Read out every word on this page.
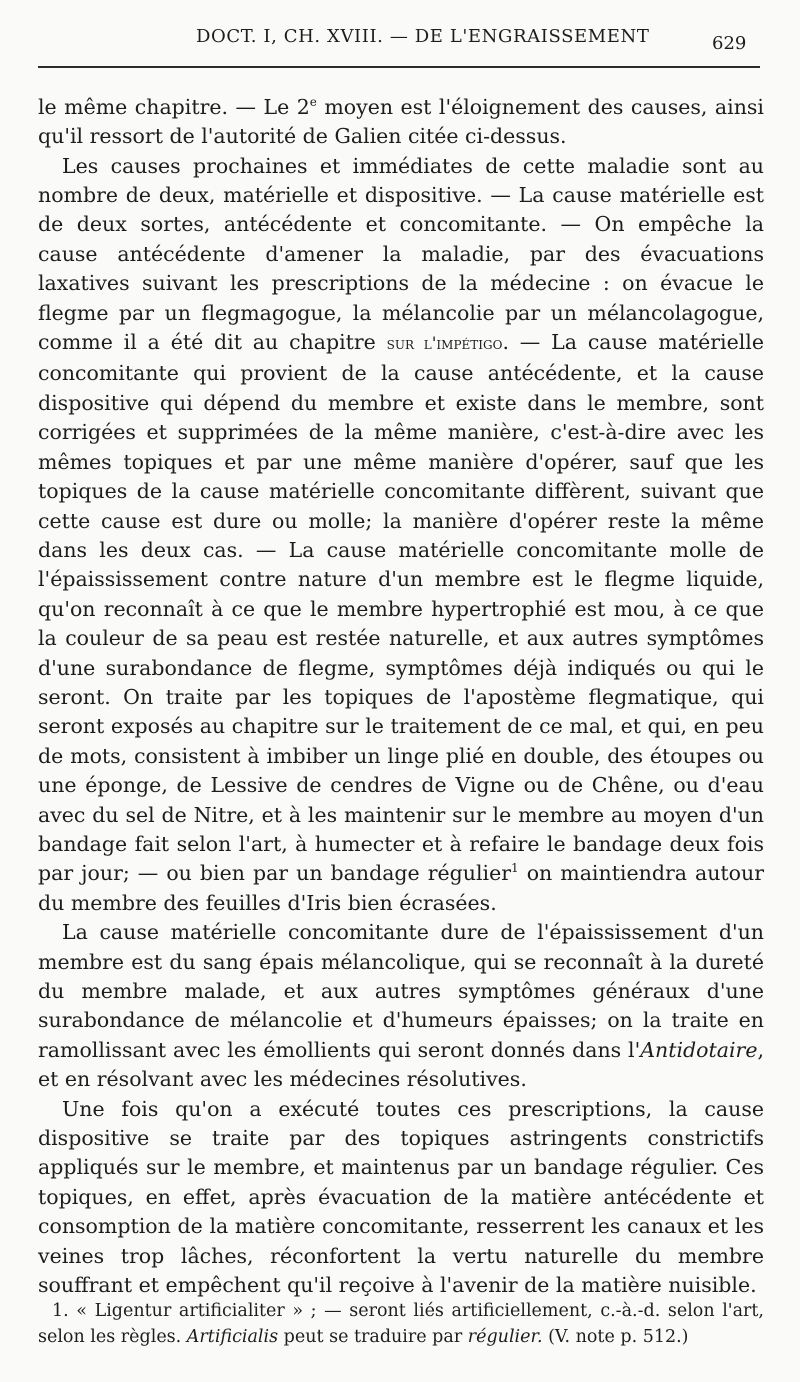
DOCT. I, CH. XVIII. — DE L'ENGRAISSEMENT	629

le même chapitre. — Le 2e moyen est l'éloignement des causes, ainsi qu'il ressort de l'autorité de Galien citée ci-dessus.

Les causes prochaines et immédiates de cette maladie sont au nombre de deux, matérielle et dispositive. — La cause matérielle est de deux sortes, antécédente et concomitante. — On empêche la cause antécédente d'amener la maladie, par des évacuations laxatives suivant les prescriptions de la médecine : on évacue le flegme par un flegmagogue, la mélancolie par un mélancolagogue, comme il a été dit au chapitre sur l'impétigo. — La cause matérielle concomitante qui provient de la cause antécédente, et la cause dispositive qui dépend du membre et existe dans le membre, sont corrigées et supprimées de la même manière, c'est-à-dire avec les mêmes topiques et par une même manière d'opérer, sauf que les topiques de la cause matérielle concomitante diffèrent, suivant que cette cause est dure ou molle; la manière d'opérer reste la même dans les deux cas. — La cause matérielle concomitante molle de l'épaississement contre nature d'un membre est le flegme liquide, qu'on reconnaît à ce que le membre hypertrophié est mou, à ce que la couleur de sa peau est restée naturelle, et aux autres symptômes d'une surabondance de flegme, symptômes déjà indiqués ou qui le seront. On traite par les topiques de l'apostème flegmatique, qui seront exposés au chapitre sur le traitement de ce mal, et qui, en peu de mots, consistent à imbiber un linge plié en double, des étoupes ou une éponge, de Lessive de cendres de Vigne ou de Chêne, ou d'eau avec du sel de Nitre, et à les maintenir sur le membre au moyen d'un bandage fait selon l'art, à humecter et à refaire le bandage deux fois par jour; — ou bien par un bandage régulier$^1$ on maintiendra autour du membre des feuilles d'Iris bien écrasées.

La cause matérielle concomitante dure de l'épaississement d'un membre est du sang épais mélancolique, qui se reconnaît à la dureté du membre malade, et aux autres symptômes généraux d'une surabondance de mélancolie et d'humeurs épaisses; on la traite en ramollissant avec les émollients qui seront donnés dans l'Antidotaire, et en résolvant avec les médecines résolutives.

Une fois qu'on a exécuté toutes ces prescriptions, la cause dispositive se traite par des topiques astringents constrictifs appliqués sur le membre, et maintenus par un bandage régulier. Ces topiques, en effet, après évacuation de la matière antécédente et consomption de la matière concomitante, resserrent les canaux et les veines trop lâches, réconfortent la vertu naturelle du membre souffrant et empêchent qu'il reçoive à l'avenir de la matière nuisible.

1. « Ligentur artificialiter » ; — seront liés artificiellement, c.-à.-d. selon l'art, selon les règles. Artificialis peut se traduire par régulier. (V. note p. 512.)
